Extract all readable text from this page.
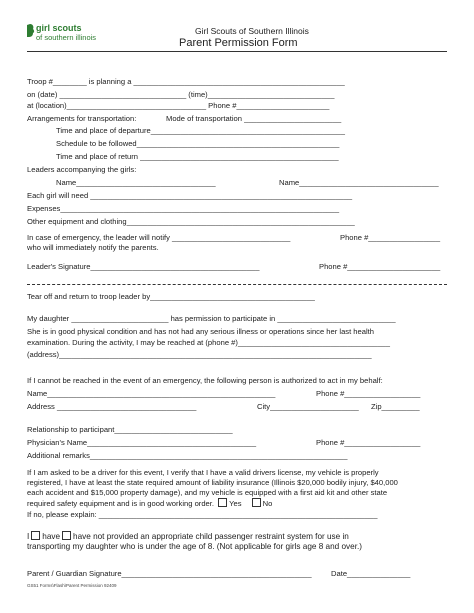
girl scouts
of southern illinois
Girl Scouts of Southern Illinois
Parent Permission Form
Troop #________ is planning a __________________________________________________
on (date) ______________________________ (time)______________________________
at (location)_________________________________ Phone #______________________
Arrangements for transportation:	Mode of transportation _______________________
Time and place of departure______________________________________________
Schedule to be followed________________________________________________
Time and place of return _______________________________________________
Leaders accompanying the girls:
Name_________________________________	Name_________________________________
Each girl will need ______________________________________________________________
Expenses__________________________________________________________________
Other equipment and clothing______________________________________________________
In case of emergency, the leader will notify ____________________________	Phone #_________________
who will immediately notify the parents.
Leader's Signature________________________________________	Phone #______________________
Tear off and return to troop leader by_______________________________________
My daughter _______________________ has permission to participate in ____________________________
She is in good physical condition and has not had any serious illness or operations since her last health
examination. During the activity, I may be reached at (phone #)____________________________________
(address)__________________________________________________________________________
If I cannot be reached in the event of an emergency, the following person is authorized to act in my behalf:
Name______________________________________________________	Phone #__________________
Address _________________________________	City_____________________ Zip_________
Relationship to participant____________________________
Physician's Name________________________________________	Phone #__________________
Additional remarks_____________________________________________________________
If I am asked to be a driver for this event, I verify that I have a valid drivers license, my vehicle is properly
registered, I have at least the state required amount of liability insurance (Illinois $20,000 bodily injury, $40,000
each accident and $15,000 property damage), and my vehicle is equipped with a first aid kit and other state
required safety equipment and is in good working order. Yes	No
If no, please explain: __________________________________________________________________
I have have not provided an appropriate child passenger restraint system for use in
transporting my daughter who is under the age of 8. (Not applicable for girls age 8 and over.)
Parent / Guardian Signature_____________________________________________	Date_______________
GS51 Forms\Flash\Parent Permission 92409
